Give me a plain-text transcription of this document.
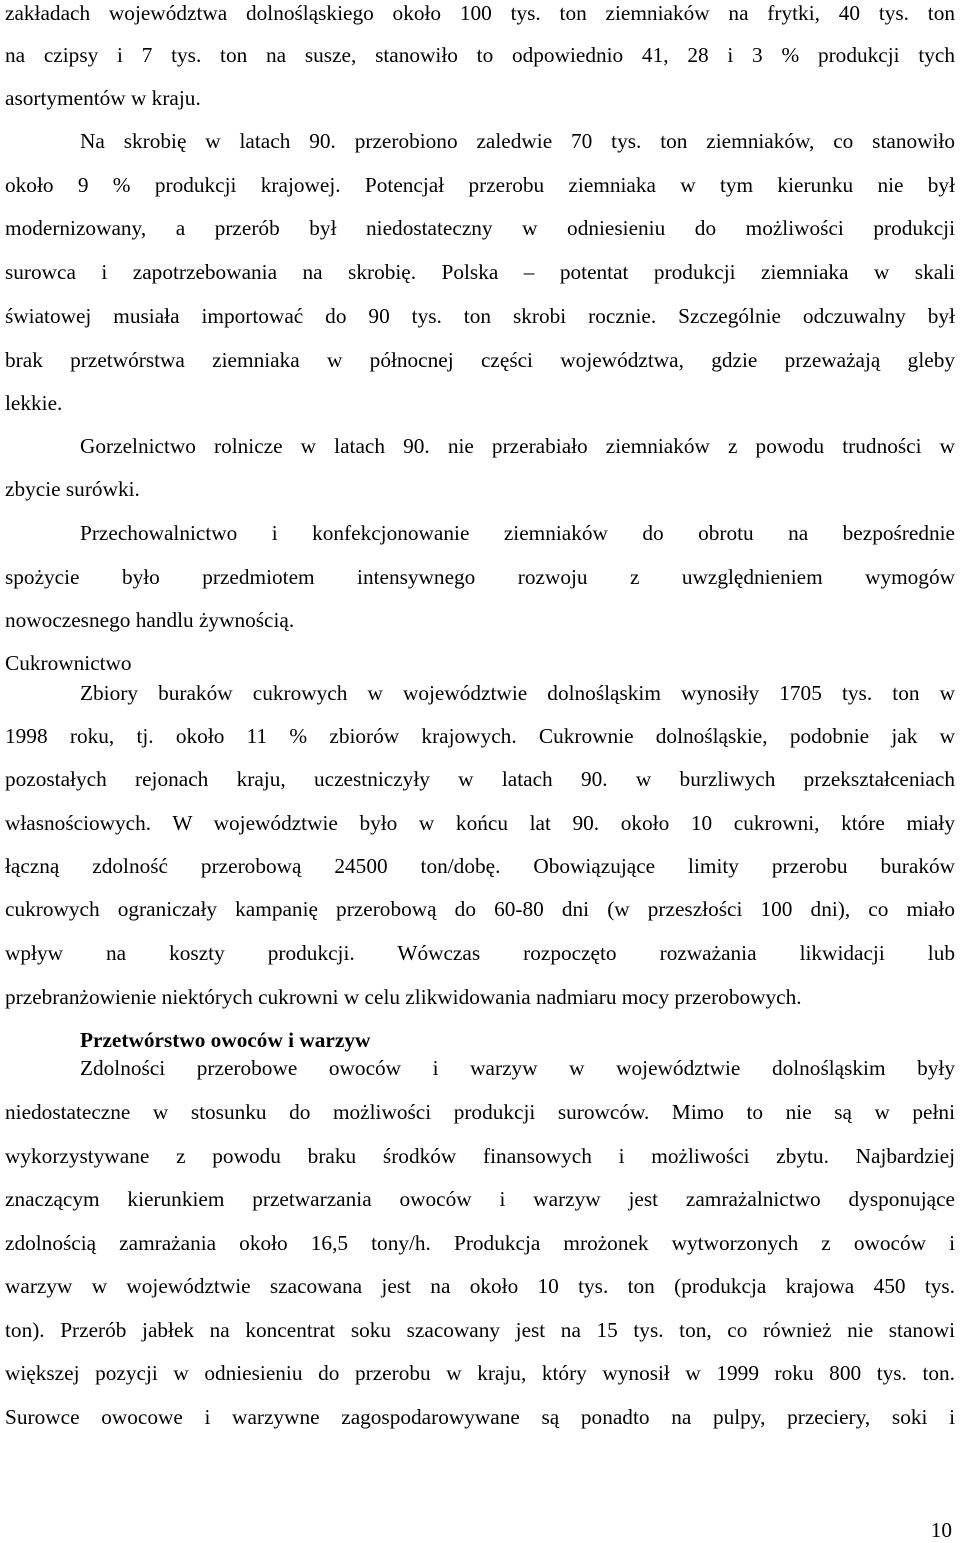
zakładach województwa dolnośląskiego około 100 tys. ton ziemniaków na frytki, 40 tys. ton
na czipsy i 7 tys. ton na susze, stanowiło to odpowiednio 41, 28 i 3 % produkcji tych
asortymentów w kraju.
Na skrobię w latach 90. przerobiono zaledwie 70 tys. ton ziemniaków, co stanowiło
około 9 % produkcji krajowej. Potencjał przerobu ziemniaka w tym kierunku nie był
modernizowany, a przerób był niedostateczny w odniesieniu do możliwości produkcji
surowca i zapotrzebowania na skrobię. Polska – potentat produkcji ziemniaka w skali
światowej musiała importować do 90 tys. ton skrobi rocznie. Szczególnie odczuwalny był
brak przetwórstwa ziemniaka w północnej części województwa, gdzie przeważają gleby
lekkie.
Gorzelnictwo rolnicze w latach 90. nie przerabiało ziemniaków z powodu trudności w
zbycie surówki.
Przechowalnictwo i konfekcjonowanie ziemniaków do obrotu na bezpośrednie
spożycie było przedmiotem intensywnego rozwoju z uwzględnieniem wymogów
nowoczesnego handlu żywnością.
Cukrownictwo
Zbiory buraków cukrowych w województwie dolnośląskim wynosiły 1705 tys. ton w
1998 roku, tj. około 11 % zbiorów krajowych. Cukrownie dolnośląskie, podobnie jak w
pozostałych rejonach kraju, uczestniczyły w latach 90. w burzliwych przekształceniach
własnościowych. W województwie było w końcu lat 90. około 10 cukrowni, które miały
łączną zdolność przerobową 24500 ton/dobę. Obowiązujące limity przerobu buraków
cukrowych ograniczały kampanię przerobową do 60-80 dni (w przeszłości 100 dni), co miało
wpływ na koszty produkcji. Wówczas rozpoczęto rozważania likwidacji lub
przebranżowienie niektórych cukrowni w celu zlikwidowania nadmiaru mocy przerobowych.
Przetwórstwo owoców i warzyw
Zdolności przerobowe owoców i warzyw w województwie dolnośląskim były
niedostateczne w stosunku do możliwości produkcji surowców. Mimo to nie są w pełni
wykorzystywane z powodu braku środków finansowych i możliwości zbytu. Najbardziej
znaczącym kierunkiem przetwarzania owoców i warzyw jest zamrażalnictwo dysponujące
zdolnością zamrażania około 16,5 tony/h. Produkcja mrożonek wytworzonych z owoców i
warzyw w województwie szacowana jest na około 10 tys. ton (produkcja krajowa 450 tys.
ton). Przerób jabłek na koncentrat soku szacowany jest na 15 tys. ton, co również nie stanowi
większej pozycji w odniesieniu do przerobu w kraju, który wynosił w 1999 roku 800 tys. ton.
Surowce owocowe i warzywne zagospodarowywane są ponadto na pulpy, przeciery, soki i
10
